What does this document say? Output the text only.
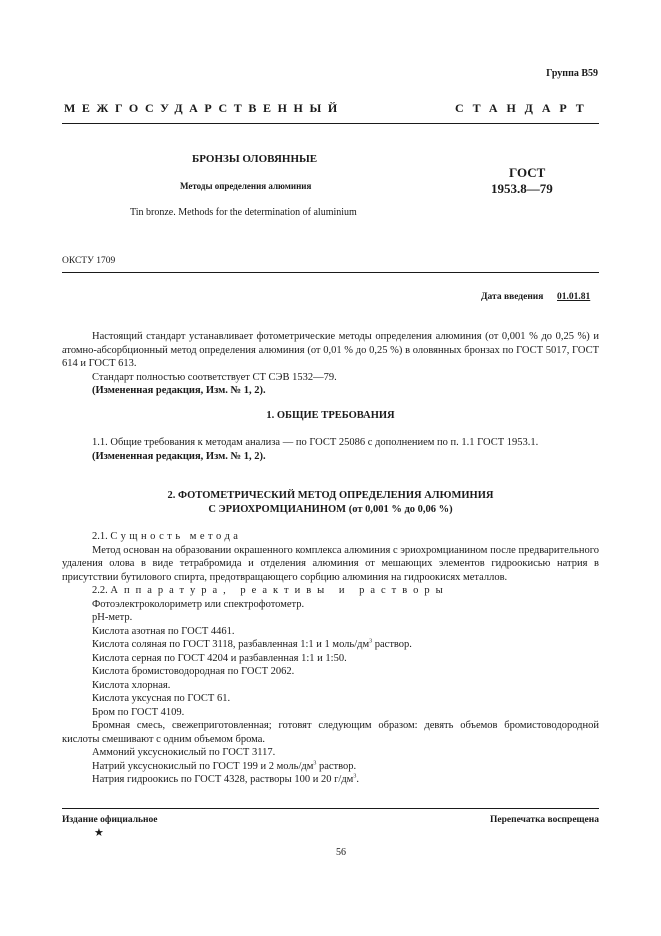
Группа В59
МЕЖГОСУДАРСТВЕННЫЙ	СТАНДАРТ
БРОНЗЫ ОЛОВЯННЫЕ
Методы определения алюминия
Tin bronze. Methods for the determination of aluminium
ГОСТ
1953.8—79
ОКСТУ 1709
Дата введения 01.01.81

Настоящий стандарт устанавливает фотометрические методы определения алюминия (от 0,001 % до 0,25 %) и атомно-абсорбционный метод определения алюминия (от 0,01 % до 0,25 %) в оловянных бронзах по ГОСТ 5017, ГОСТ 614 и ГОСТ 613.

Стандарт полностью соответствует СТ СЭВ 1532—79.

(Измененная редакция, Изм. № 1, 2).

1. ОБЩИЕ ТРЕБОВАНИЯ

1.1. Общие требования к методам анализа — по ГОСТ 25086 с дополнением по п. 1.1 ГОСТ 1953.1.

(Измененная редакция, Изм. № 1, 2).

2. ФОТОМЕТРИЧЕСКИЙ МЕТОД ОПРЕДЕЛЕНИЯ АЛЮМИНИЯ
С ЭРИОХРОМЦИАНИНОМ (от 0,001 % до 0,06 %)

2.1. Сущность метода

Метод основан на образовании окрашенного комплекса алюминия с эриохромцианином после предварительного удаления олова в виде тетрабромида и отделения алюминия от мешающих элементов гидроокисью натрия в присутствии бутилового спирта, предотвращающего сорбцию алюминия на гидроокисях металлов.

2.2. Аппаратура, реактивы и растворы

Фотоэлектроколориметр или спектрофотометр.

pH-метр.

Кислота азотная по ГОСТ 4461.

Кислота соляная по ГОСТ 3118, разбавленная 1:1 и 1 моль/$дм^3$ раствор.

Кислота серная по ГОСТ 4204 и разбавленная 1:1 и 1:50.

Кислота бромистоводородная по ГОСТ 2062.

Кислота хлорная.

Кислота уксусная по ГОСТ 61.

Бром по ГОСТ 4109.

Бромная смесь, свежеприготовленная; готовят следующим образом: девять объемов бромистоводородной кислоты смешивают с одним объемом брома.

Аммоний уксуснокислый по ГОСТ 3117.

Натрий уксуснокислый по ГОСТ 199 и 2 моль/$дм^3$ раствор.

Натрия гидроокись по ГОСТ 4328, растворы 100 и 20 $г/дм^3$.

Издание официальное	Перепечатка воспрещена
★
56
